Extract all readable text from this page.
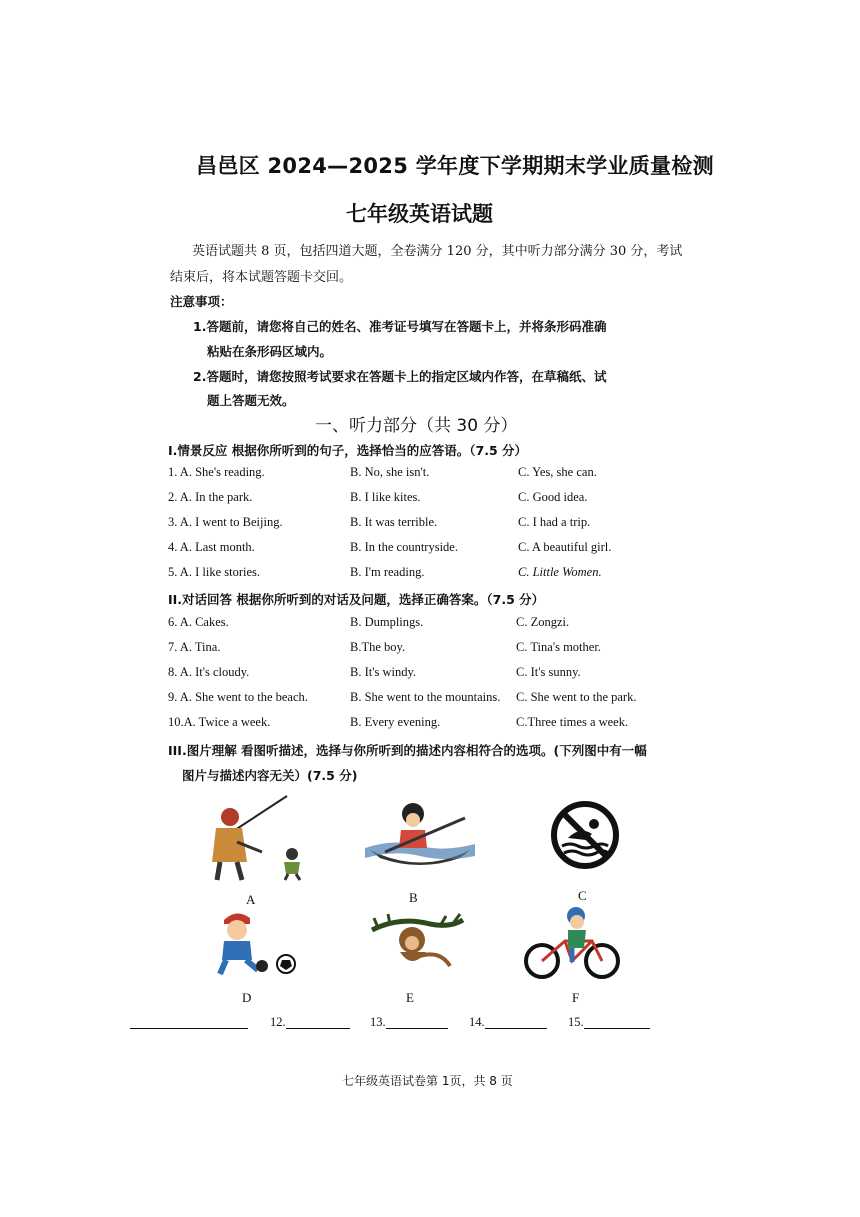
昌邑区 2024—2025 学年度下学期期末学业质量检测
七年级英语试题
英语试题共 8 页，包括四道大题，全卷满分 120 分，其中听力部分满分 30 分，考试
结束后，将本试题答题卡交回。
注意事项：
1.答题前，请您将自己的姓名、准考证号填写在答题卡上，并将条形码准确
粘贴在条形码区域内。
2.答题时，请您按照考试要求在答题卡上的指定区域内作答，在草稿纸、试
题上答题无效。
一、听力部分（共 30 分）
I.情景反应 根据你所听到的句子，选择恰当的应答语。（7.5 分）
1. A. She's reading.	B. No, she isn't.	C. Yes, she can.
2. A. In the park.	B. I like kites.	C. Good idea.
3. A. I went to Beijing.	B. It was terrible.	C. I had a trip.
4. A. Last month.	B. In the countryside.	C. A beautiful girl.
5. A. I like stories.	B. I'm reading.	C. Little Women.
II.对话回答 根据你所听到的对话及问题，选择正确答案。（7.5 分）
6. A. Cakes.	B. Dumplings.	C. Zongzi.
7. A. Tina.	B.The boy.	C. Tina's mother.
8. A. It's cloudy.	B. It's windy.	C. It's sunny.
9. A. She went to the beach.	B. She went to the mountains. C. She went to the park.
10.A. Twice a week.	B. Every evening.	C.Three times a week.
III.图片理解 看图听描述，选择与你所听到的描述内容相符合的选项。(下列图中有一幅
图片与描述内容无关）(7.5 分)
A	B	C
D	E	F
12.	13.	14.	15.
七年级英语试卷第 1页，共 8 页
